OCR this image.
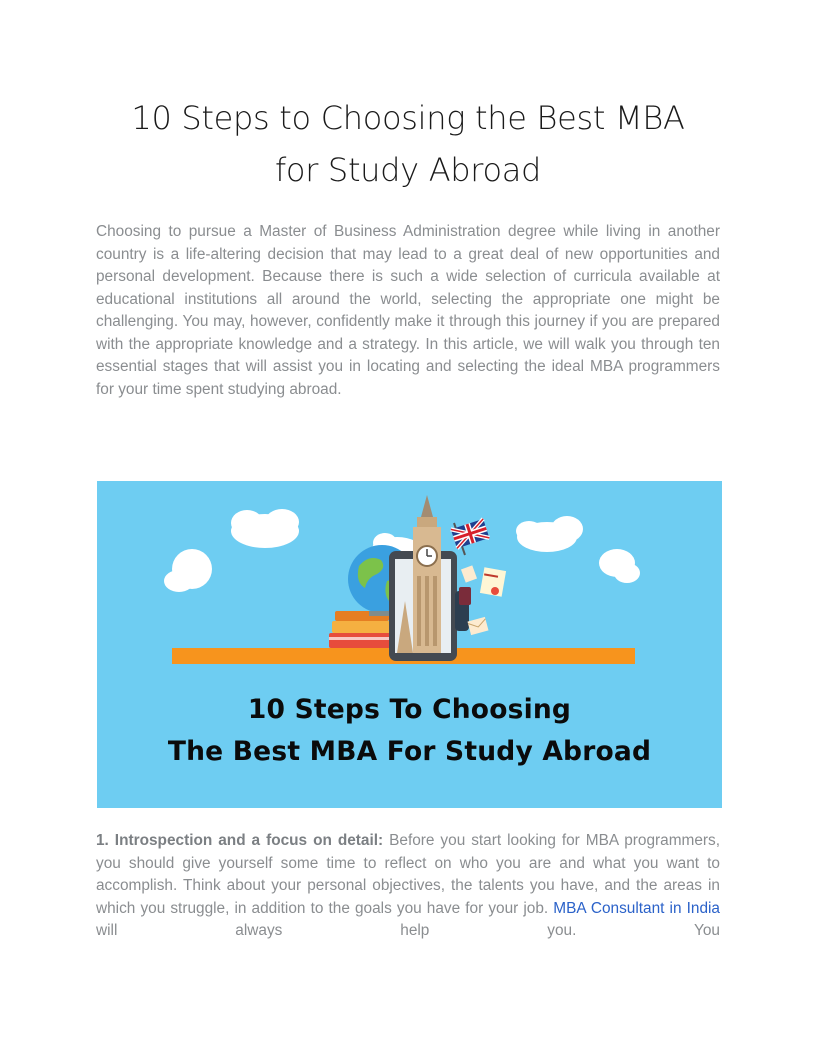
10 Steps to Choosing the Best MBA
for Study Abroad

Choosing to pursue a Master of Business Administration degree while living in another country is a life-altering decision that may lead to a great deal of new opportunities and personal development. Because there is such a wide selection of curricula available at educational institutions all around the world, selecting the appropriate one might be challenging. You may, however, confidently make it through this journey if you are prepared with the appropriate knowledge and a strategy. In this article, we will walk you through ten essential stages that will assist you in locating and selecting the ideal MBA programmers for your time spent studying abroad.

10 Steps To Choosing
The Best MBA For Study Abroad

1. Introspection and a focus on detail: Before you start looking for MBA programmers, you should give yourself some time to reflect on who you are and what you want to accomplish. Think about your personal objectives, the talents you have, and the areas in which you struggle, in addition to the goals you have for your job. MBA Consultant in India will always help you. You
